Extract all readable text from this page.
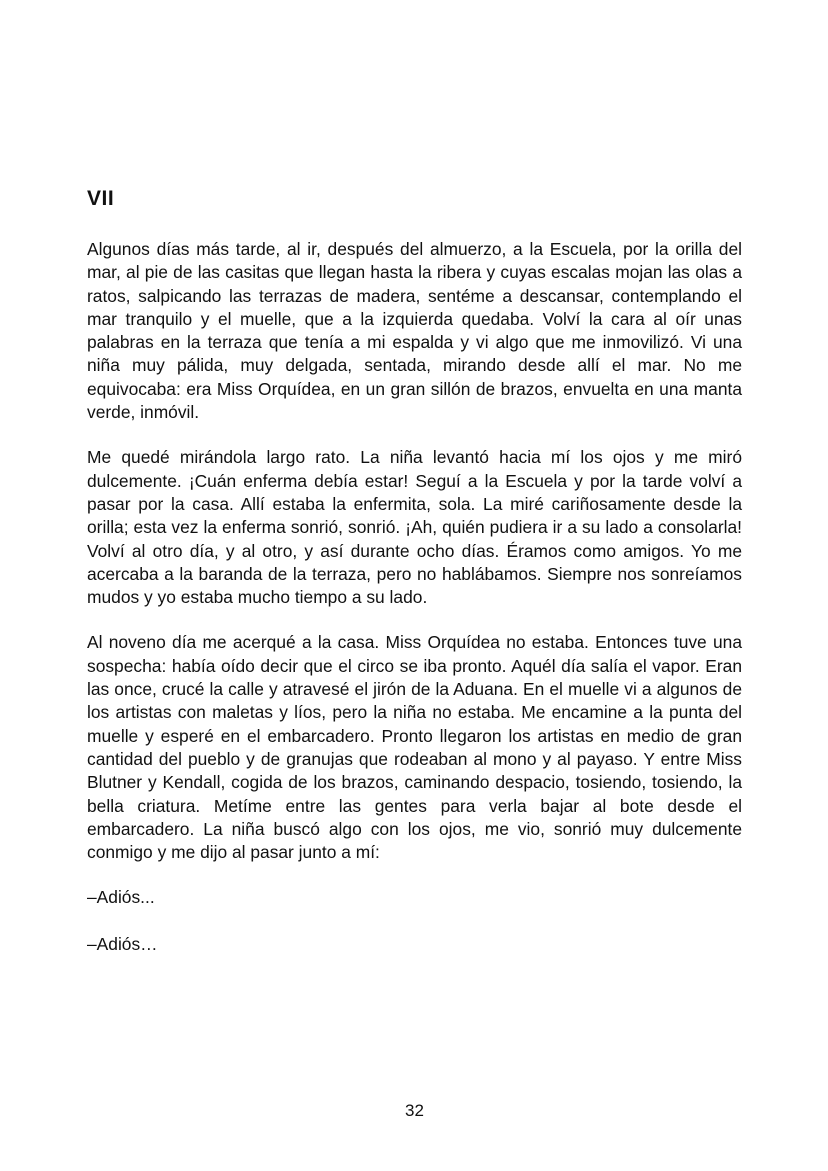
VII

Algunos días más tarde, al ir, después del almuerzo, a la Escuela, por la orilla del mar, al pie de las casitas que llegan hasta la ribera y cuyas escalas mojan las olas a ratos, salpicando las terrazas de madera, sentéme a descansar, contemplando el mar tranquilo y el muelle, que a la izquierda quedaba. Volví la cara al oír unas palabras en la terraza que tenía a mi espalda y vi algo que me inmovilizó. Vi una niña muy pálida, muy delgada, sentada, mirando desde allí el mar. No me equivocaba: era Miss Orquídea, en un gran sillón de brazos, envuelta en una manta verde, inmóvil.

Me quedé mirándola largo rato. La niña levantó hacia mí los ojos y me miró dulcemente. ¡Cuán enferma debía estar! Seguí a la Escuela y por la tarde volví a pasar por la casa. Allí estaba la enfermita, sola. La miré cariñosamente desde la orilla; esta vez la enferma sonrió, sonrió. ¡Ah, quién pudiera ir a su lado a consolarla! Volví al otro día, y al otro, y así durante ocho días. Éramos como amigos. Yo me acercaba a la baranda de la terraza, pero no hablábamos. Siempre nos sonreíamos mudos y yo estaba mucho tiempo a su lado.

Al noveno día me acerqué a la casa. Miss Orquídea no estaba. Entonces tuve una sospecha: había oído decir que el circo se iba pronto. Aquél día salía el vapor. Eran las once, crucé la calle y atravesé el jirón de la Aduana. En el muelle vi a algunos de los artistas con maletas y líos, pero la niña no estaba. Me encamine a la punta del muelle y esperé en el embarcadero. Pronto llegaron los artistas en medio de gran cantidad del pueblo y de granujas que rodeaban al mono y al payaso. Y entre Miss Blutner y Kendall, cogida de los brazos, caminando despacio, tosiendo, tosiendo, la bella criatura. Metíme entre las gentes para verla bajar al bote desde el embarcadero. La niña buscó algo con los ojos, me vio, sonrió muy dulcemente conmigo y me dijo al pasar junto a mí:

–Adiós...

–Adiós…

32
